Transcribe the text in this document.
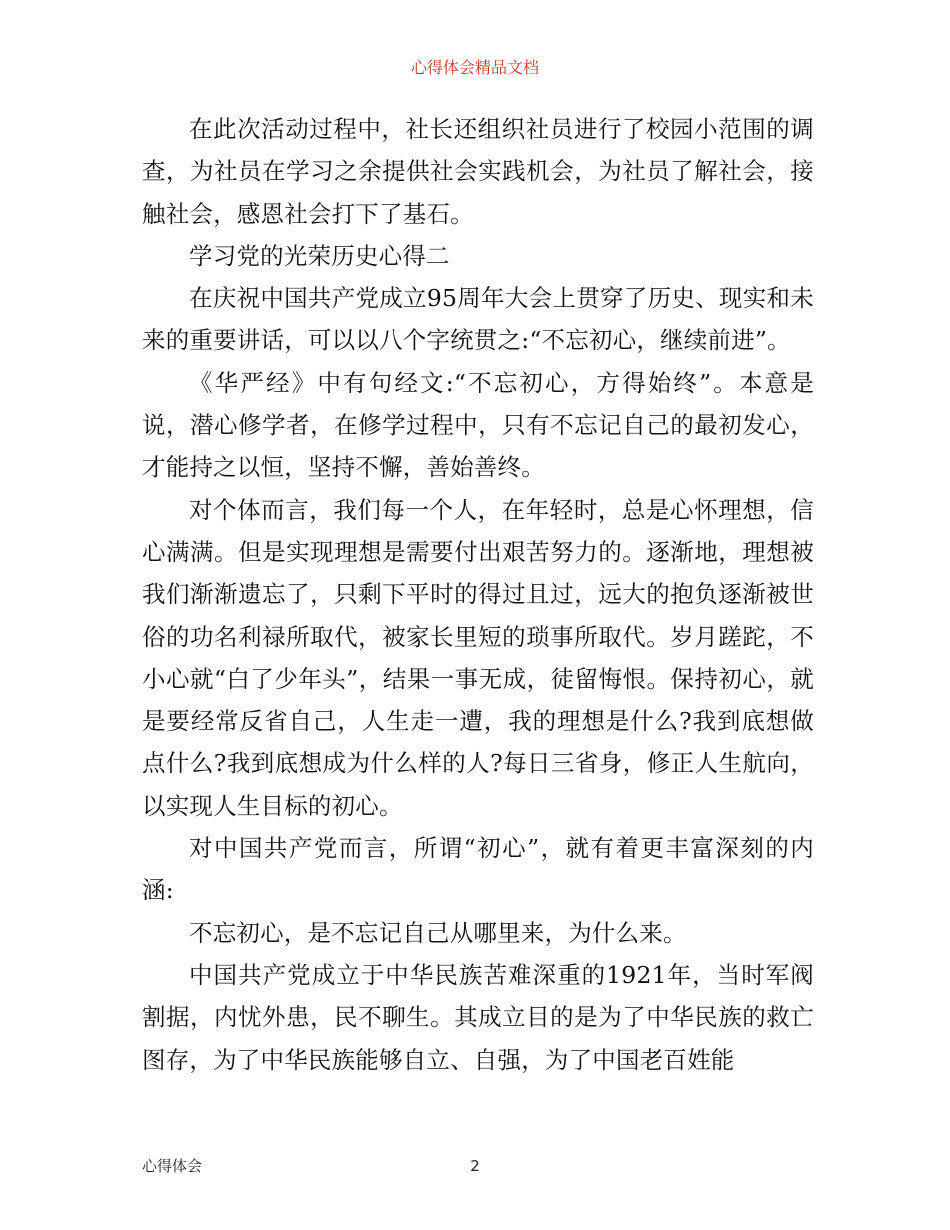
心得体会精品文档

在此次活动过程中，社长还组织社员进行了校园小范围的调查，为社员在学习之余提供社会实践机会，为社员了解社会，接触社会，感恩社会打下了基石。

学习党的光荣历史心得二

在庆祝中国共产党成立95周年大会上贯穿了历史、现实和未来的重要讲话，可以以八个字统贯之:“不忘初心，继续前进”。

《华严经》中有句经文:“不忘初心，方得始终”。本意是说，潜心修学者，在修学过程中，只有不忘记自己的最初发心，才能持之以恒，坚持不懈，善始善终。

对个体而言，我们每一个人，在年轻时，总是心怀理想，信心满满。但是实现理想是需要付出艰苦努力的。逐渐地，理想被我们渐渐遗忘了，只剩下平时的得过且过，远大的抱负逐渐被世俗的功名利禄所取代，被家长里短的琐事所取代。岁月蹉跎，不小心就“白了少年头”，结果一事无成，徒留悔恨。保持初心，就是要经常反省自己，人生走一遭，我的理想是什么?我到底想做点什么?我到底想成为什么样的人?每日三省身，修正人生航向，以实现人生目标的初心。

对中国共产党而言，所谓“初心”，就有着更丰富深刻的内涵:

不忘初心，是不忘记自己从哪里来，为什么来。

中国共产党成立于中华民族苦难深重的1921年，当时军阀割据，内忧外患，民不聊生。其成立目的是为了中华民族的救亡图存，为了中华民族能够自立、自强，为了中国老百姓能

心得体会	2
